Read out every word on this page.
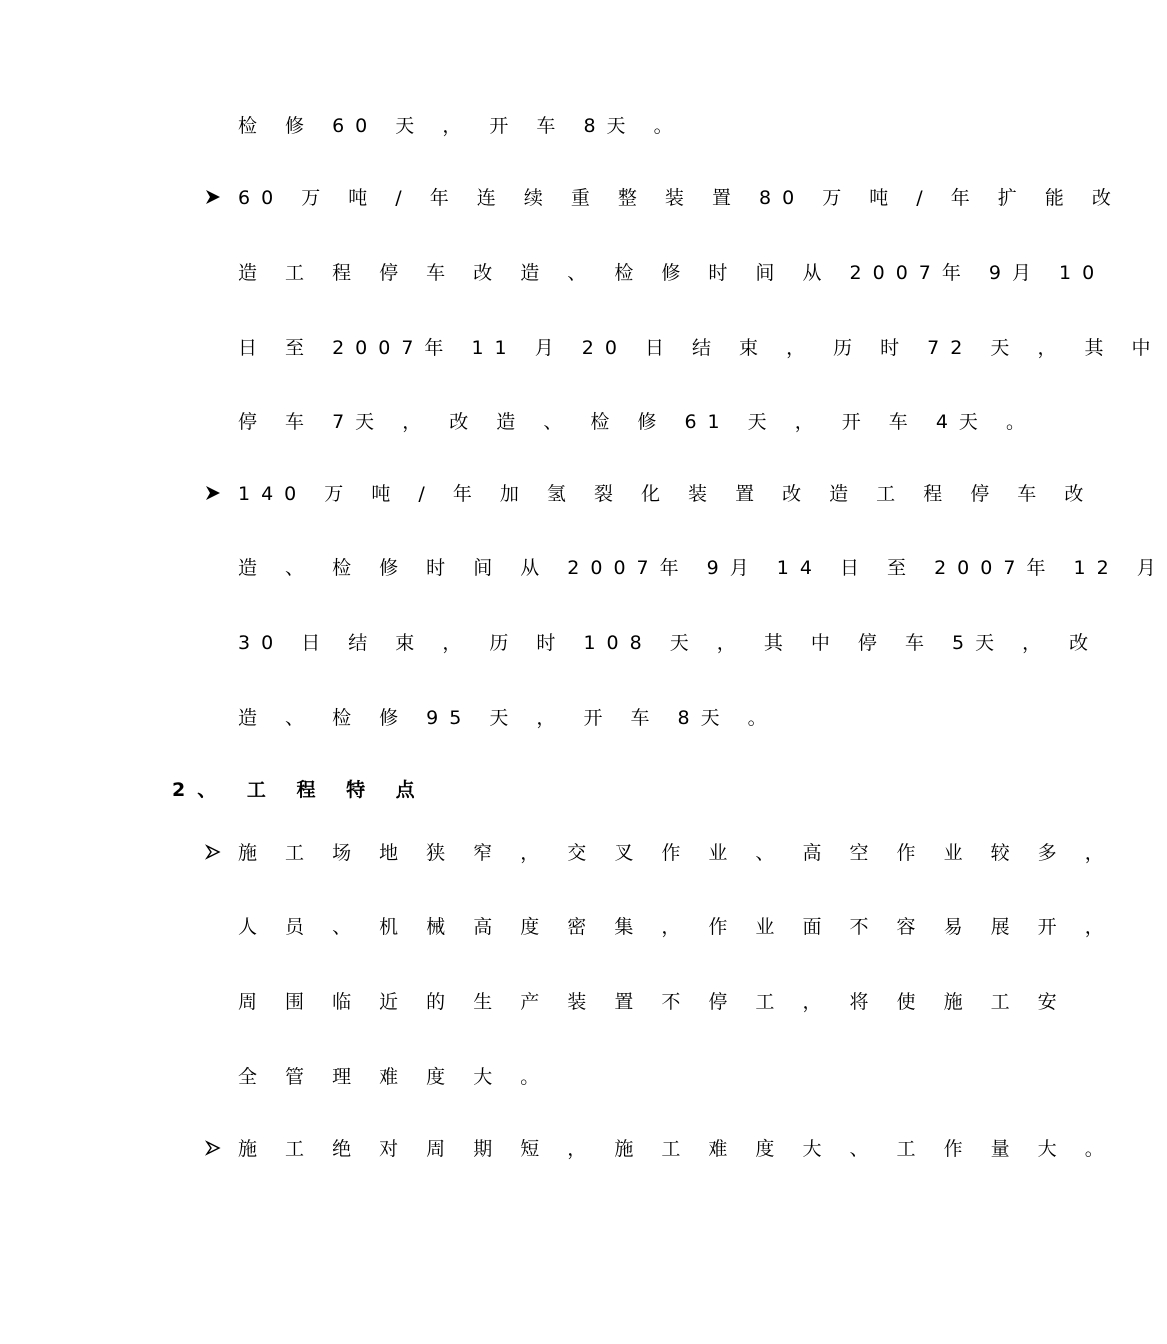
检 修 60 天 ， 开 车 8天 。
60 万 吨 / 年 连 续 重 整 装 置 80 万 吨 / 年 扩 能 改
造 工 程 停 车 改 造 、 检 修 时 间 从 2007年 9月 10
日 至 2007年 11 月 20 日 结 束 ， 历 时 72 天 ， 其 中
停 车 7天 ， 改 造 、 检 修 61 天 ， 开 车 4天 。
140 万 吨 / 年 加 氢 裂 化 装 置 改 造 工 程 停 车 改
造 、 检 修 时 间 从 2007年 9月 14 日 至 2007年 12 月
30 日 结 束 ， 历 时 108 天 ， 其 中 停 车 5天 ， 改
造 、 检 修 95 天 ， 开 车 8天 。
2、 工 程 特 点
施 工 场 地 狭 窄 ， 交 叉 作 业 、 高 空 作 业 较 多 ，
人 员 、 机 械 高 度 密 集 ， 作 业 面 不 容 易 展 开 ，
周 围 临 近 的 生 产 装 置 不 停 工 ， 将 使 施 工 安
全 管 理 难 度 大 。
施 工 绝 对 周 期 短 ， 施 工 难 度 大 、 工 作 量 大 。
